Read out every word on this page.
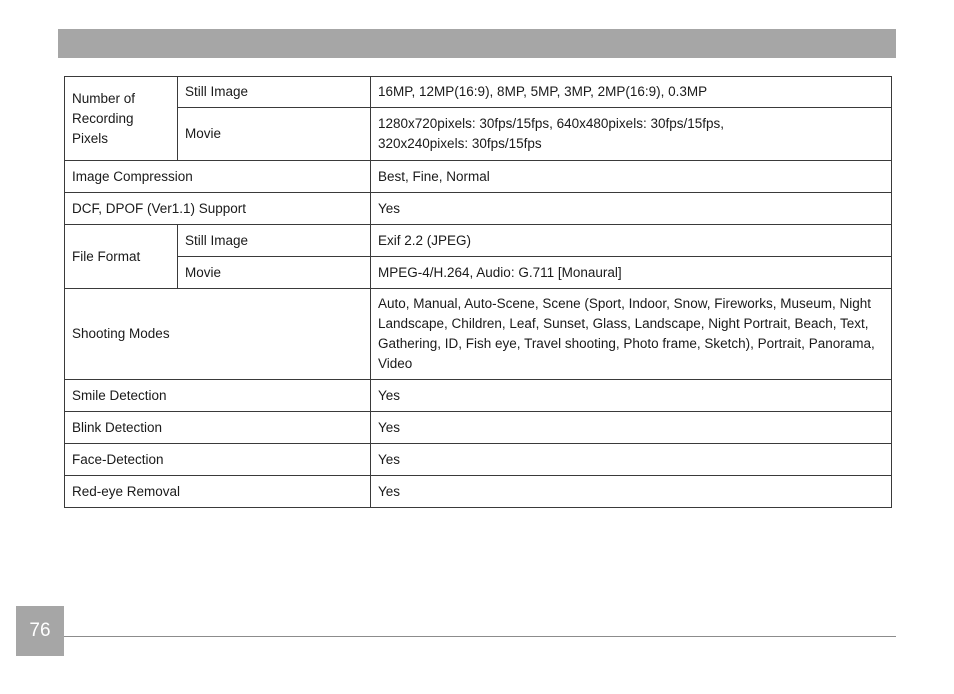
Number of Recording Pixels	Still Image	16MP, 12MP(16:9), 8MP, 5MP, 3MP, 2MP(16:9), 0.3MP
	Movie	1280x720pixels: 30fps/15fps, 640x480pixels: 30fps/15fps,
320x240pixels: 30fps/15fps

Image Compression		Best, Fine, Normal
DCF, DPOF (Ver1.1) Support		Yes
File Format	Still Image	Exif 2.2 (JPEG)
	Movie	MPEG-4/H.264, Audio: G.711 [Monaural]
Shooting Modes		Auto, Manual, Auto-Scene, Scene (Sport, Indoor, Snow, Fireworks, Museum, Night Landscape, Children, Leaf, Sunset, Glass, Landscape, Night Portrait, Beach, Text, Gathering, ID, Fish eye, Travel shooting, Photo frame, Sketch), Portrait, Panorama, Video
Smile Detection		Yes
Blink Detection		Yes
Face-Detection		Yes
Red-eye Removal		Yes
76
